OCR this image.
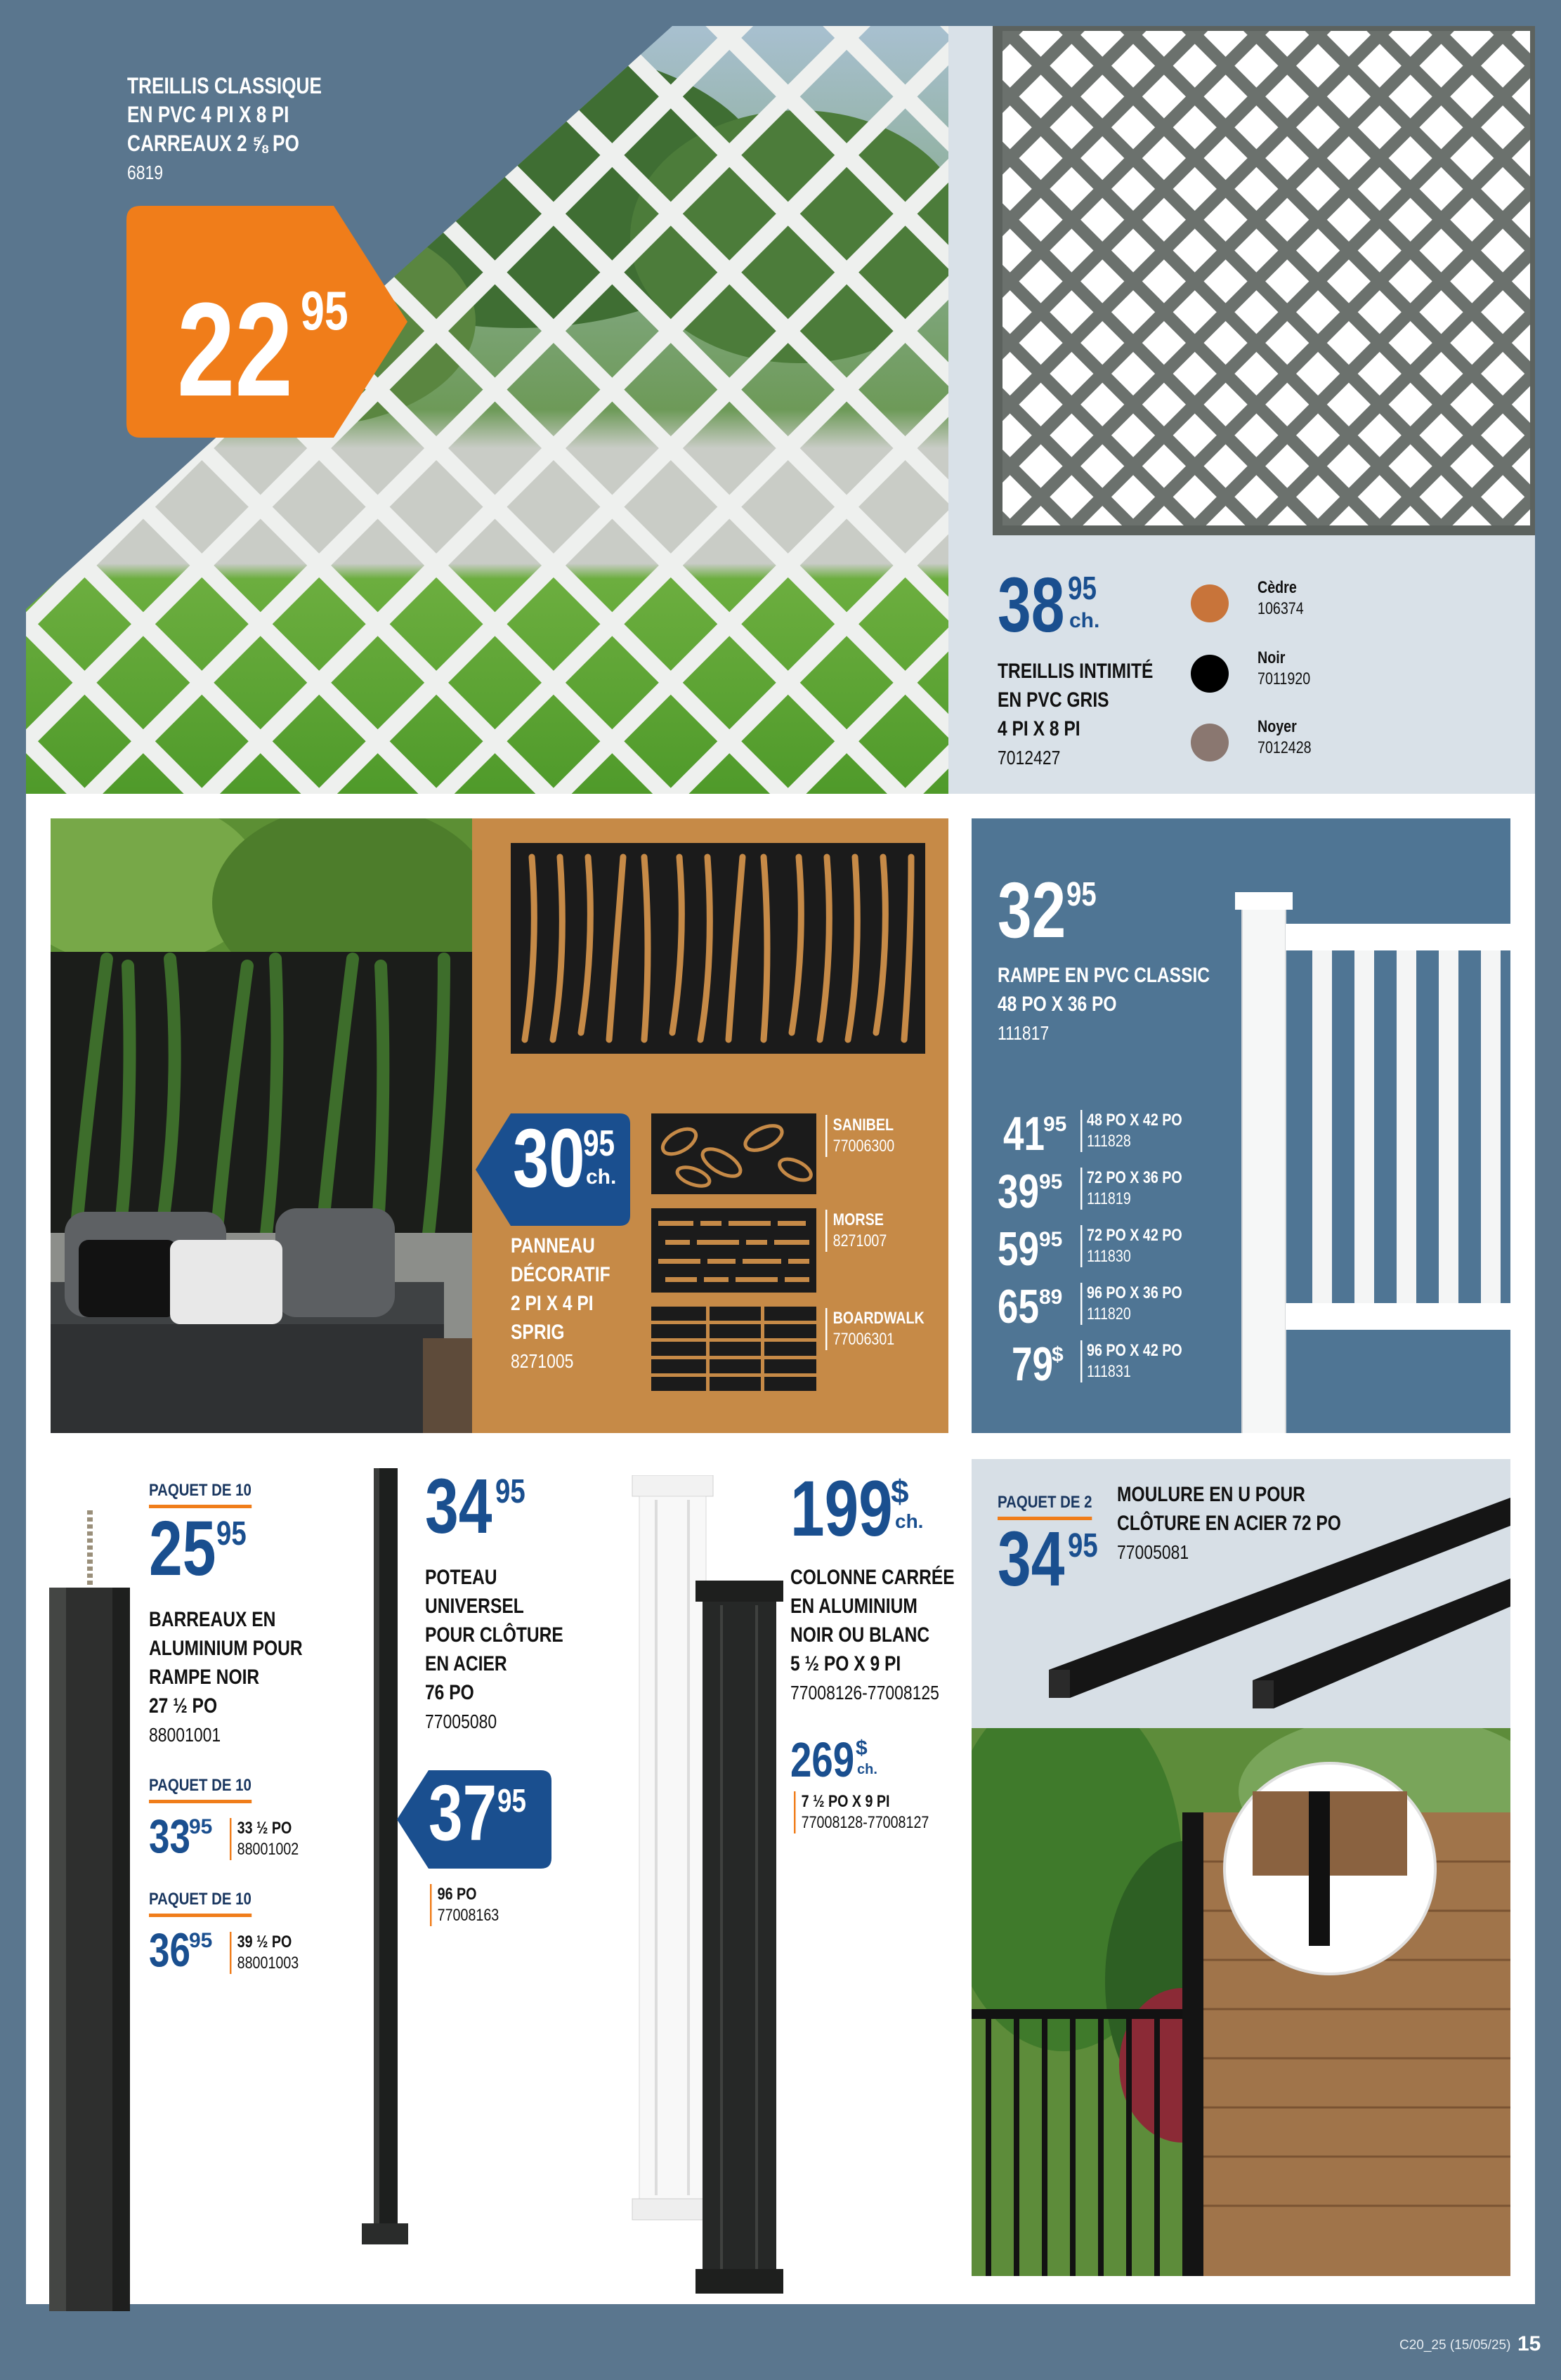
22 95
TREILLIS CLASSIQUE
EN PVC 4 PI X 8 PI
CARREAUX 2 ⅝ PO
6819
38 95
ch.
TREILLIS INTIMITÉ
EN PVC GRIS
4 PI X 8 PI
7012427
Cèdre
106374
Noir
7011920
Noyer
7012428
30
95
ch.
PANNEAU
DÉCORATIF
2 PI X 4 PI
SPRIG
8271005
SANIBEL
77006300
MORSE
8271007
BOARDWALK
77006301
32 95
RAMPE EN PVC CLASSIC
48 PO X 36 PO
111817
41
95 48 PO X 42 PO
111828
39 95 72 PO X 36 PO
111819
59 95 72 PO X 42 PO
111830
65 89 96 PO X 36 PO
111820
79
$ 96 PO X 42 PO
111831
PAQUET DE 10
25 95
BARREAUX EN
ALUMINIUM POUR
RAMPE NOIR
27 ½ PO
88001001
PAQUET DE 10
33
95 33 ½ PO
88001002
PAQUET DE 10
36
95 39 ½ PO
88001003
34 95
POTEAU
UNIVERSEL
POUR CLÔTURE
EN ACIER
76 PO
77005080
37 95
96 PO
77008163
199
$
ch.
COLONNE CARRÉE
EN ALUMINIUM
NOIR OU BLANC
5 ½ PO X 9 PI
77008126-77008125
269 $
ch.
7 ½ PO X 9 PI
77008128-77008127
PAQUET DE 2
34 95
MOULURE EN U POUR
CLÔTURE EN ACIER 72 PO
77005081
C20_25 (15/05/25) 15
